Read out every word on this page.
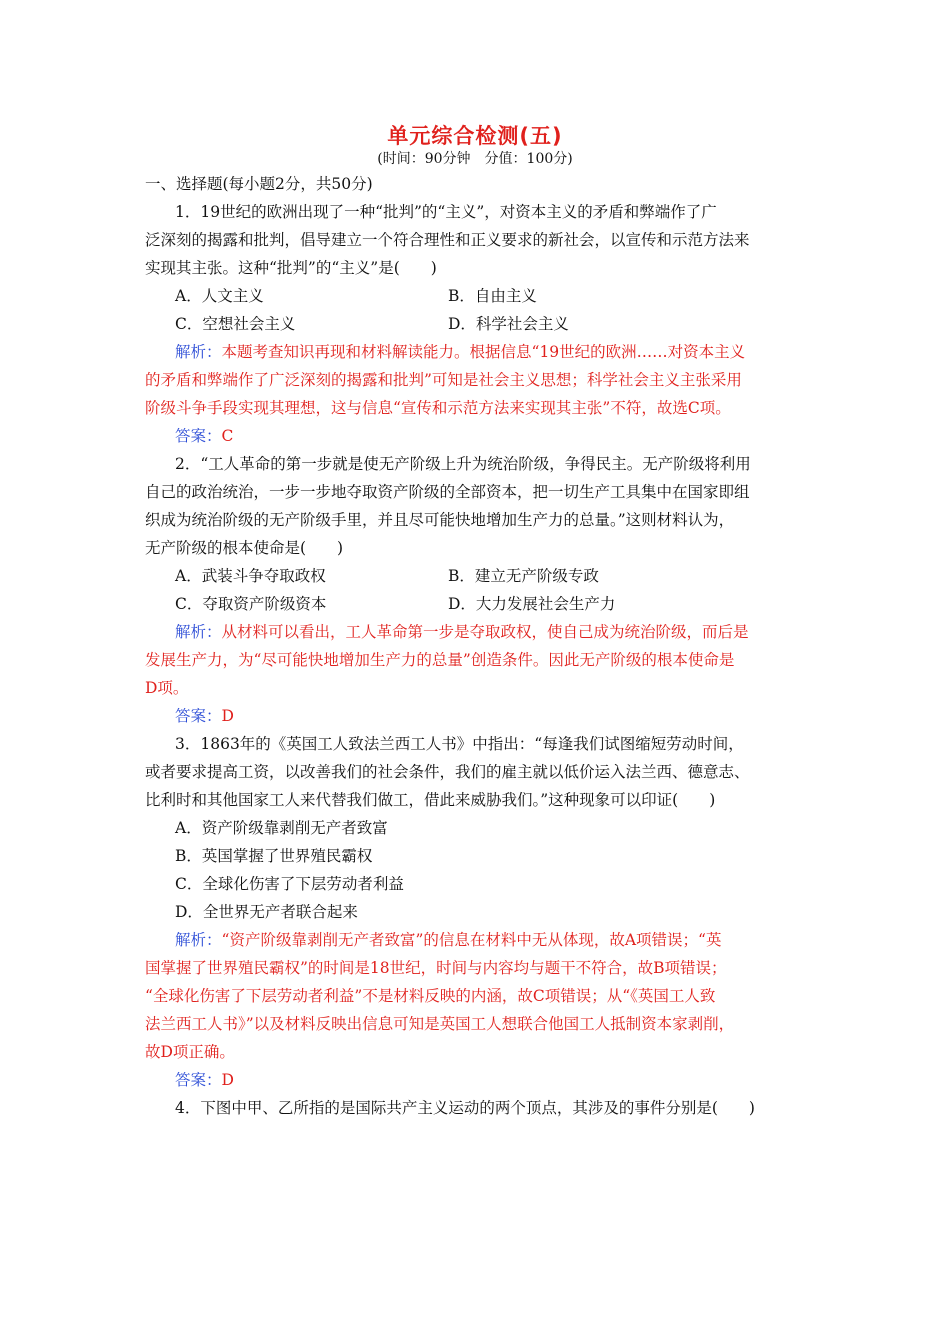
单元综合检测(五)
(时间：90分钟　分值：100分)
一、选择题(每小题2分，共50分)
1．19世纪的欧洲出现了一种“批判”的“主义”，对资本主义的矛盾和弊端作了广
泛深刻的揭露和批判，倡导建立一个符合理性和正义要求的新社会，以宣传和示范方法来
实现其主张。这种“批判”的“主义”是(　　)
A．人文主义	B．自由主义
C．空想社会主义	D．科学社会主义
解析：本题考查知识再现和材料解读能力。根据信息“19世纪的欧洲……对资本主义
的矛盾和弊端作了广泛深刻的揭露和批判”可知是社会主义思想；科学社会主义主张采用
阶级斗争手段实现其理想，这与信息“宣传和示范方法来实现其主张”不符，故选C项。
答案：C
2．“工人革命的第一步就是使无产阶级上升为统治阶级，争得民主。无产阶级将利用
自己的政治统治，一步一步地夺取资产阶级的全部资本，把一切生产工具集中在国家即组
织成为统治阶级的无产阶级手里，并且尽可能快地增加生产力的总量。”这则材料认为，
无产阶级的根本使命是(　　)
A．武装斗争夺取政权	B．建立无产阶级专政
C．夺取资产阶级资本	D．大力发展社会生产力
解析：从材料可以看出，工人革命第一步是夺取政权，使自己成为统治阶级，而后是
发展生产力，为“尽可能快地增加生产力的总量”创造条件。因此无产阶级的根本使命是
D项。
答案：D
3．1863年的《英国工人致法兰西工人书》中指出：“每逢我们试图缩短劳动时间，
或者要求提高工资，以改善我们的社会条件，我们的雇主就以低价运入法兰西、德意志、
比利时和其他国家工人来代替我们做工，借此来威胁我们。”这种现象可以印证(　　)
A．资产阶级靠剥削无产者致富
B．英国掌握了世界殖民霸权
C．全球化伤害了下层劳动者利益
D．全世界无产者联合起来
解析：“资产阶级靠剥削无产者致富”的信息在材料中无从体现，故A项错误；“英
国掌握了世界殖民霸权”的时间是18世纪，时间与内容均与题干不符合，故B项错误；
“全球化伤害了下层劳动者利益”不是材料反映的内涵，故C项错误；从“《英国工人致
法兰西工人书》”以及材料反映出信息可知是英国工人想联合他国工人抵制资本家剥削，
故D项正确。
答案：D
4．下图中甲、乙所指的是国际共产主义运动的两个顶点，其涉及的事件分别是(　　)
